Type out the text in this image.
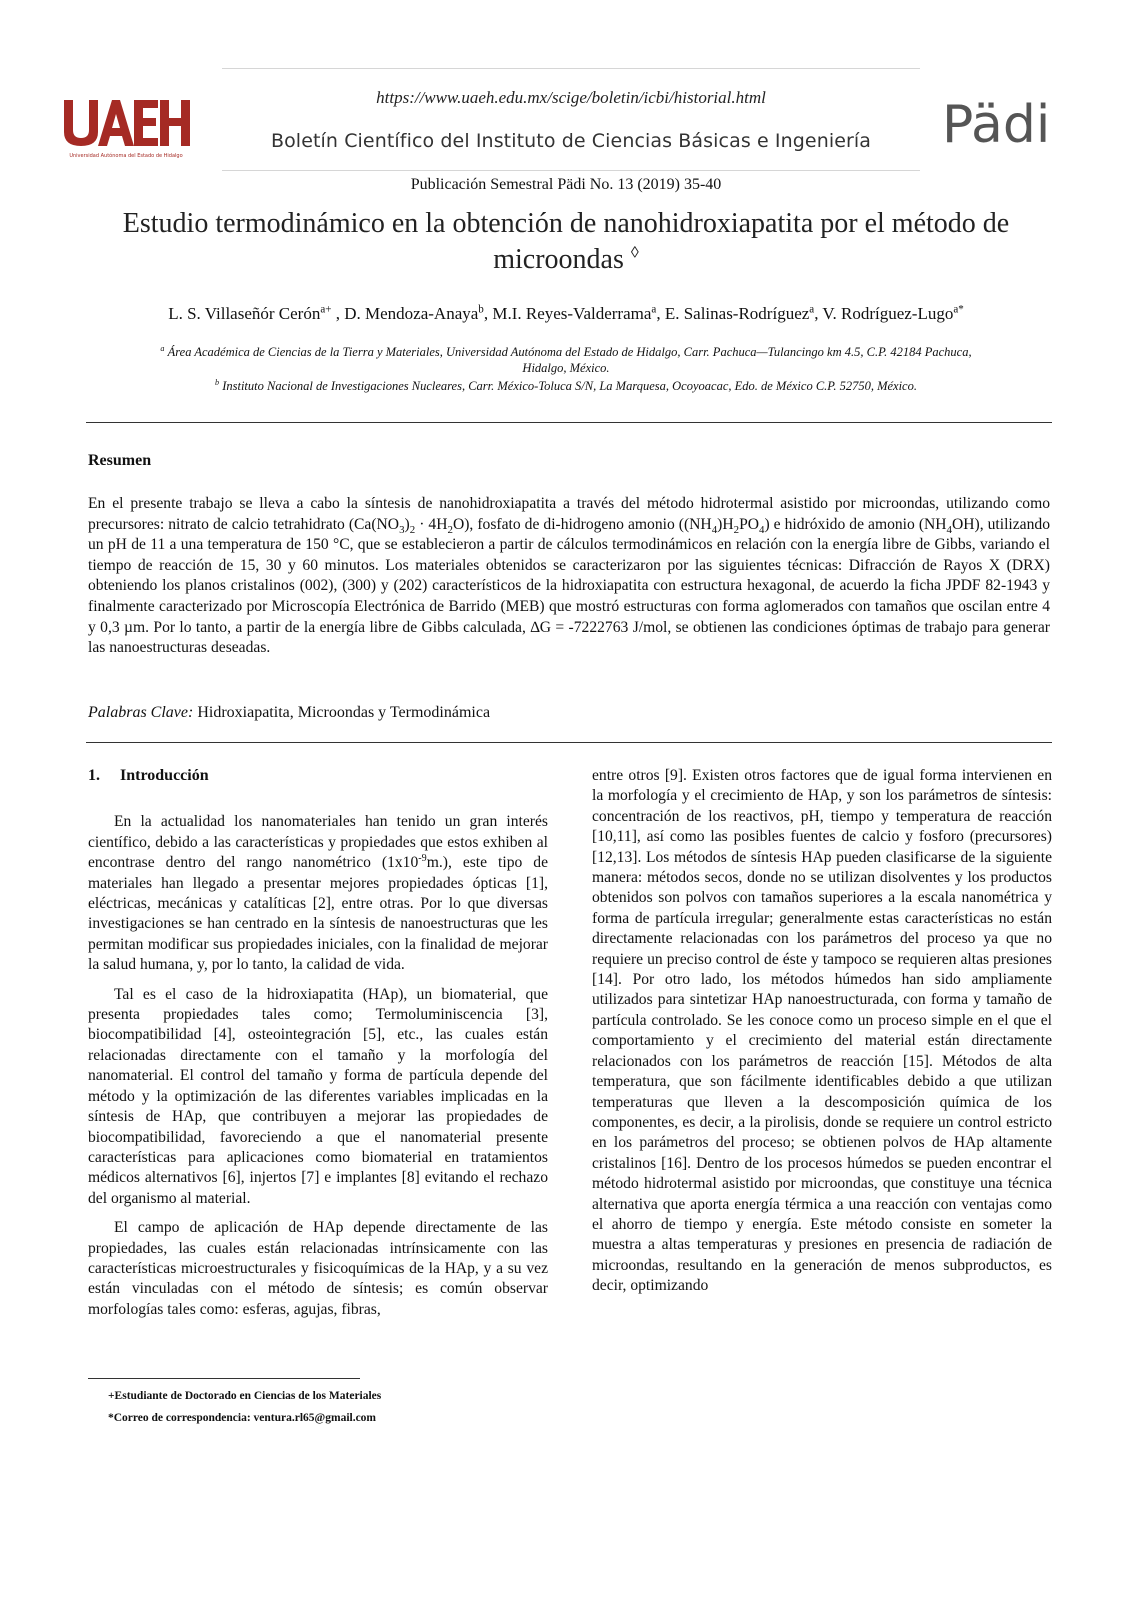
https://www.uaeh.edu.mx/scige/boletin/icbi/historial.html
Universidad Autónoma del Estado de Hidalgo
Boletín Científico del Instituto de Ciencias Básicas e Ingeniería	Pädi
Publicación Semestral Pädi No. 13 (2019) 35-40
Estudio termodinámico en la obtención de nanohidroxiapatita por el método de
microondas ◊
L. S. Villaseñór Cerón$^{a+}$ , D. Mendoza-Anaya$^b$, M.I. Reyes-Valderrama$^a$, E. Salinas-Rodríguez$^a$, V. Rodríguez-Lugo$^{a*}$
$^a$ Área Académica de Ciencias de la Tierra y Materiales, Universidad Autónoma del Estado de Hidalgo, Carr. Pachuca—Tulancingo km 4.5, C.P. 42184 Pachuca,
Hidalgo, México.
$^b$ Instituto Nacional de Investigaciones Nucleares, Carr. México-Toluca S/N, La Marquesa, Ocoyoacac, Edo. de México C.P. 52750, México.
Resumen
En el presente trabajo se lleva a cabo la síntesis de nanohidroxiapatita a través del método hidrotermal asistido por microondas, utilizando como precursores: nitrato de calcio tetrahidrato $(Ca(NO_3)_2 \cdot 4H_2O)$, fosfato de di-hidrogeno amonio $((NH_4)H_2PO_4)$ e hidróxido de amonio $(NH_4OH)$, utilizando un pH de 11 a una temperatura de 150 °C, que se establecieron a partir de cálculos termodinámicos en relación con la energía libre de Gibbs, variando el tiempo de reacción de 15, 30 y 60 minutos. Los materiales obtenidos se caracterizaron por las siguientes técnicas: Difracción de Rayos X (DRX) obteniendo los planos cristalinos (002), (300) y (202) característicos de la hidroxiapatita con estructura hexagonal, de acuerdo la ficha JPDF 82-1943 y finalmente caracterizado por Microscopía Electrónica de Barrido (MEB) que mostró estructuras con forma aglomerados con tamaños que oscilan entre 4 y 0,3 µm. Por lo tanto, a partir de la energía libre de Gibbs calculada, ∆G = -7222763 J/mol, se obtienen las condiciones óptimas de trabajo para generar las nanoestructuras deseadas.
Palabras Clave: Hidroxiapatita, Microondas y Termodinámica
1. Introducción

En la actualidad los nanomateriales han tenido un gran interés científico, debido a las características y propiedades que estos exhiben al encontrase dentro del rango nanométrico $(1x10^{-9}m.)$, este tipo de materiales han llegado a presentar mejores propiedades ópticas [1], eléctricas, mecánicas y catalíticas [2], entre otras. Por lo que diversas investigaciones se han centrado en la síntesis de nanoestructuras que les permitan modificar sus propiedades iniciales, con la finalidad de mejorar la salud humana, y, por lo tanto, la calidad de vida.

Tal es el caso de la hidroxiapatita (HAp), un biomaterial, que presenta propiedades tales como; Termoluminiscencia [3], biocompatibilidad [4], osteointegración [5], etc., las cuales están relacionadas directamente con el tamaño y la morfología del nanomaterial. El control del tamaño y forma de partícula depende del método y la optimización de las diferentes variables implicadas en la síntesis de HAp, que contribuyen a mejorar las propiedades de biocompatibilidad, favoreciendo a que el nanomaterial presente características para aplicaciones como biomaterial en tratamientos médicos alternativos [6], injertos [7] e implantes [8] evitando el rechazo del organismo al material.

El campo de aplicación de HAp depende directamente de las propiedades, las cuales están relacionadas intrínsicamente con las características microestructurales y fisicoquímicas de la HAp, y a su vez están vinculadas con el método de síntesis; es común observar morfologías tales como: esferas, agujas, fibras,

entre otros [9]. Existen otros factores que de igual forma intervienen en la morfología y el crecimiento de HAp, y son los parámetros de síntesis: concentración de los reactivos, pH, tiempo y temperatura de reacción [10,11], así como las posibles fuentes de calcio y fosforo (precursores) [12,13]. Los métodos de síntesis HAp pueden clasificarse de la siguiente manera: métodos secos, donde no se utilizan disolventes y los productos obtenidos son polvos con tamaños superiores a la escala nanométrica y forma de partícula irregular; generalmente estas características no están directamente relacionadas con los parámetros del proceso ya que no requiere un preciso control de éste y tampoco se requieren altas presiones [14]. Por otro lado, los métodos húmedos han sido ampliamente utilizados para sintetizar HAp nanoestructurada, con forma y tamaño de partícula controlado. Se les conoce como un proceso simple en el que el comportamiento y el crecimiento del material están directamente relacionados con los parámetros de reacción [15]. Métodos de alta temperatura, que son fácilmente identificables debido a que utilizan temperaturas que lleven a la descomposición química de los componentes, es decir, a la pirolisis, donde se requiere un control estricto en los parámetros del proceso; se obtienen polvos de HAp altamente cristalinos [16]. Dentro de los procesos húmedos se pueden encontrar el método hidrotermal asistido por microondas, que constituye una técnica alternativa que aporta energía térmica a una reacción con ventajas como el ahorro de tiempo y energía. Este método consiste en someter la muestra a altas temperaturas y presiones en presencia de radiación de microondas, resultando en la generación de menos subproductos, es decir, optimizando

+Estudiante de Doctorado en Ciencias de los Materiales
*Correo de correspondencia: ventura.rl65@gmail.com
